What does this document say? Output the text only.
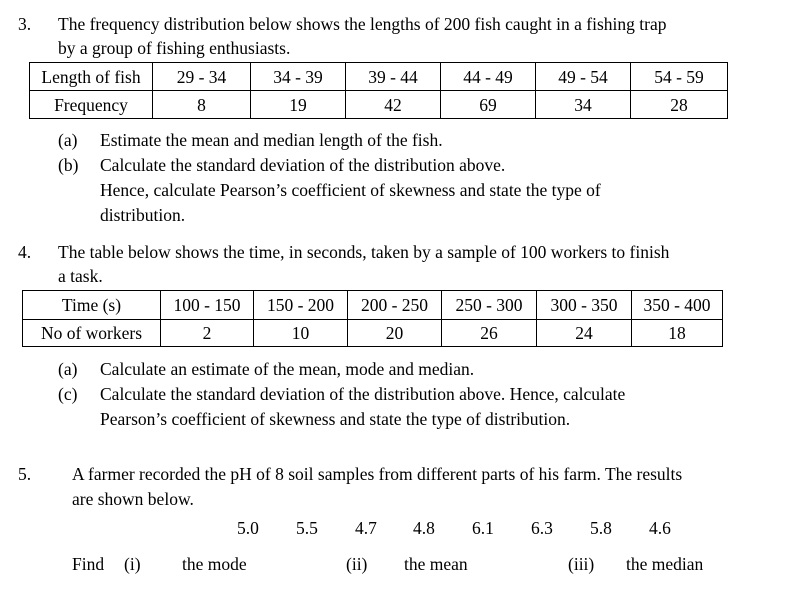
3. The frequency distribution below shows the lengths of 200 fish caught in a fishing trap
by a group of fishing enthusiasts.
Length of fish	29 - 34	34 - 39	39 - 44	44 - 49	49 - 54	54 - 59
Frequency	8	19	42	69	34	28
(a) Estimate the mean and median length of the fish.
(b) Calculate the standard deviation of the distribution above.
Hence, calculate Pearson’s coefficient of skewness and state the type of
distribution.
4. The table below shows the time, in seconds, taken by a sample of 100 workers to finish
a task.
Time (s)	100 - 150	150 - 200	200 - 250	250 - 300	300 - 350	350 - 400
No of workers	2	10	20	26	24	18
(a) Calculate an estimate of the mean, mode and median.
(c) Calculate the standard deviation of the distribution above. Hence, calculate
Pearson’s coefficient of skewness and state the type of distribution.
5. A farmer recorded the pH of 8 soil samples from different parts of his farm. The results
are shown below.
5.0 5.5 4.7 4.8 6.1 6.3 5.8 4.6
Find (i) the mode	(ii) the mean	(iii) the median
